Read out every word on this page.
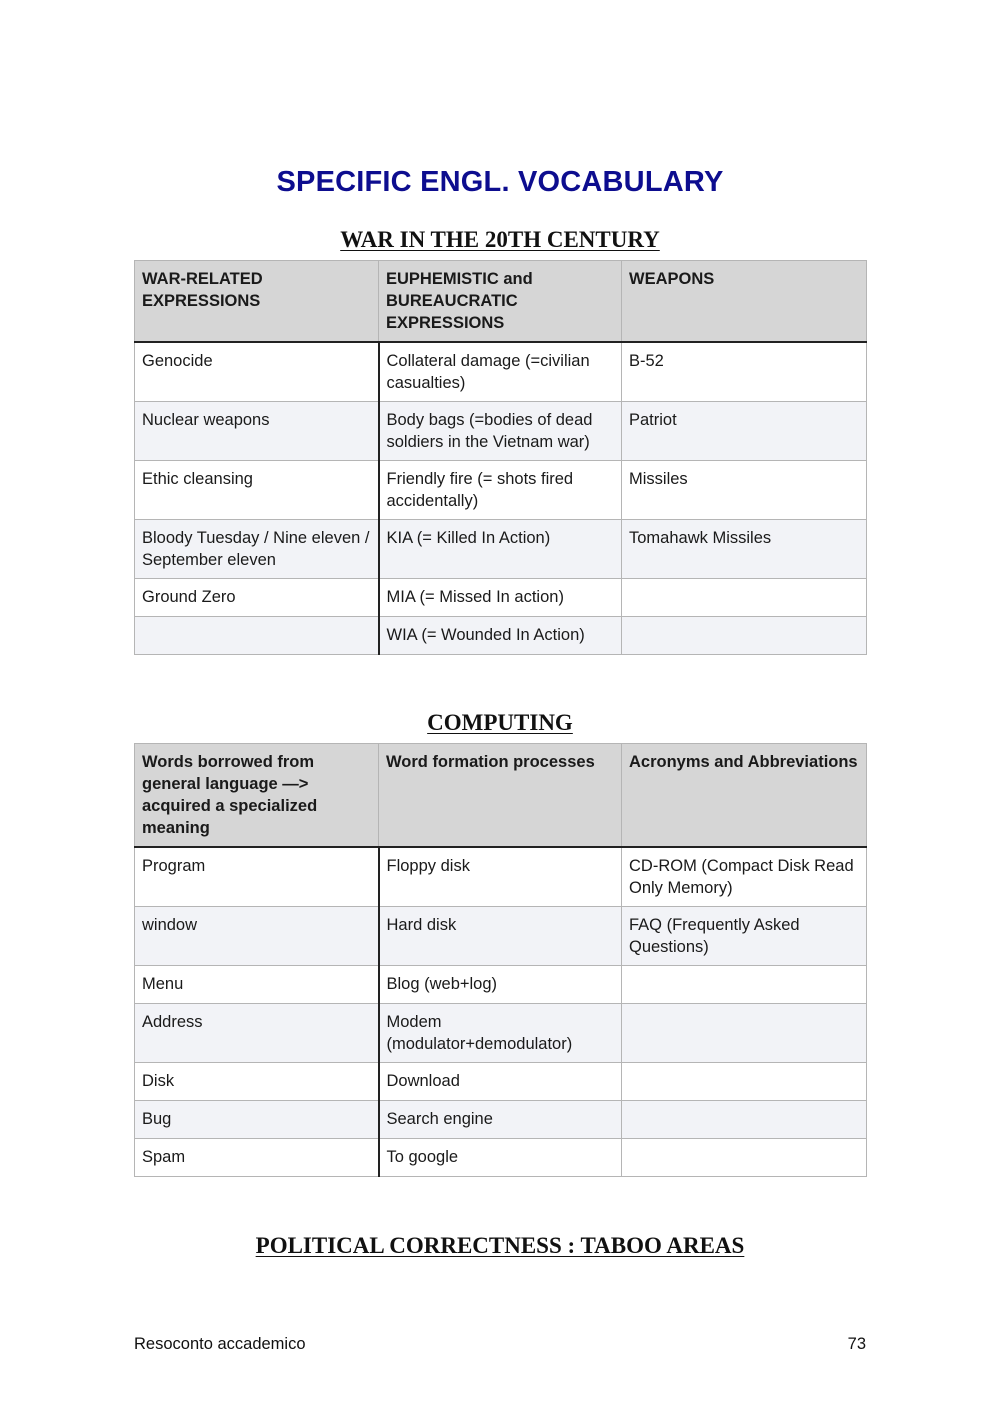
SPECIFIC ENGL. VOCABULARY
WAR IN THE 20TH CENTURY
WAR-RELATED EXPRESSIONS	EUPHEMISTIC and BUREAUCRATIC EXPRESSIONS	WEAPONS
Genocide	Collateral damage (=civilian casualties)	B-52
Nuclear weapons	Body bags (=bodies of dead soldiers in the Vietnam war)	Patriot
Ethic cleansing	Friendly fire (= shots fired accidentally)	Missiles
Bloody Tuesday / Nine eleven / September eleven	KIA (= Killed In Action)	Tomahawk Missiles
Ground Zero	MIA (= Missed In action)	
	WIA (= Wounded In Action)	
COMPUTING
Words borrowed from general language —> acquired a specialized meaning	Word formation processes	Acronyms and Abbreviations
Program	Floppy disk	CD-ROM (Compact Disk Read Only Memory)
window	Hard disk	FAQ (Frequently Asked Questions)
Menu	Blog (web+log)	
Address	Modem (modulator+demodulator)	
Disk	Download	
Bug	Search engine	
Spam	To google	
POLITICAL CORRECTNESS : TABOO AREAS
Resoconto accademico	73
